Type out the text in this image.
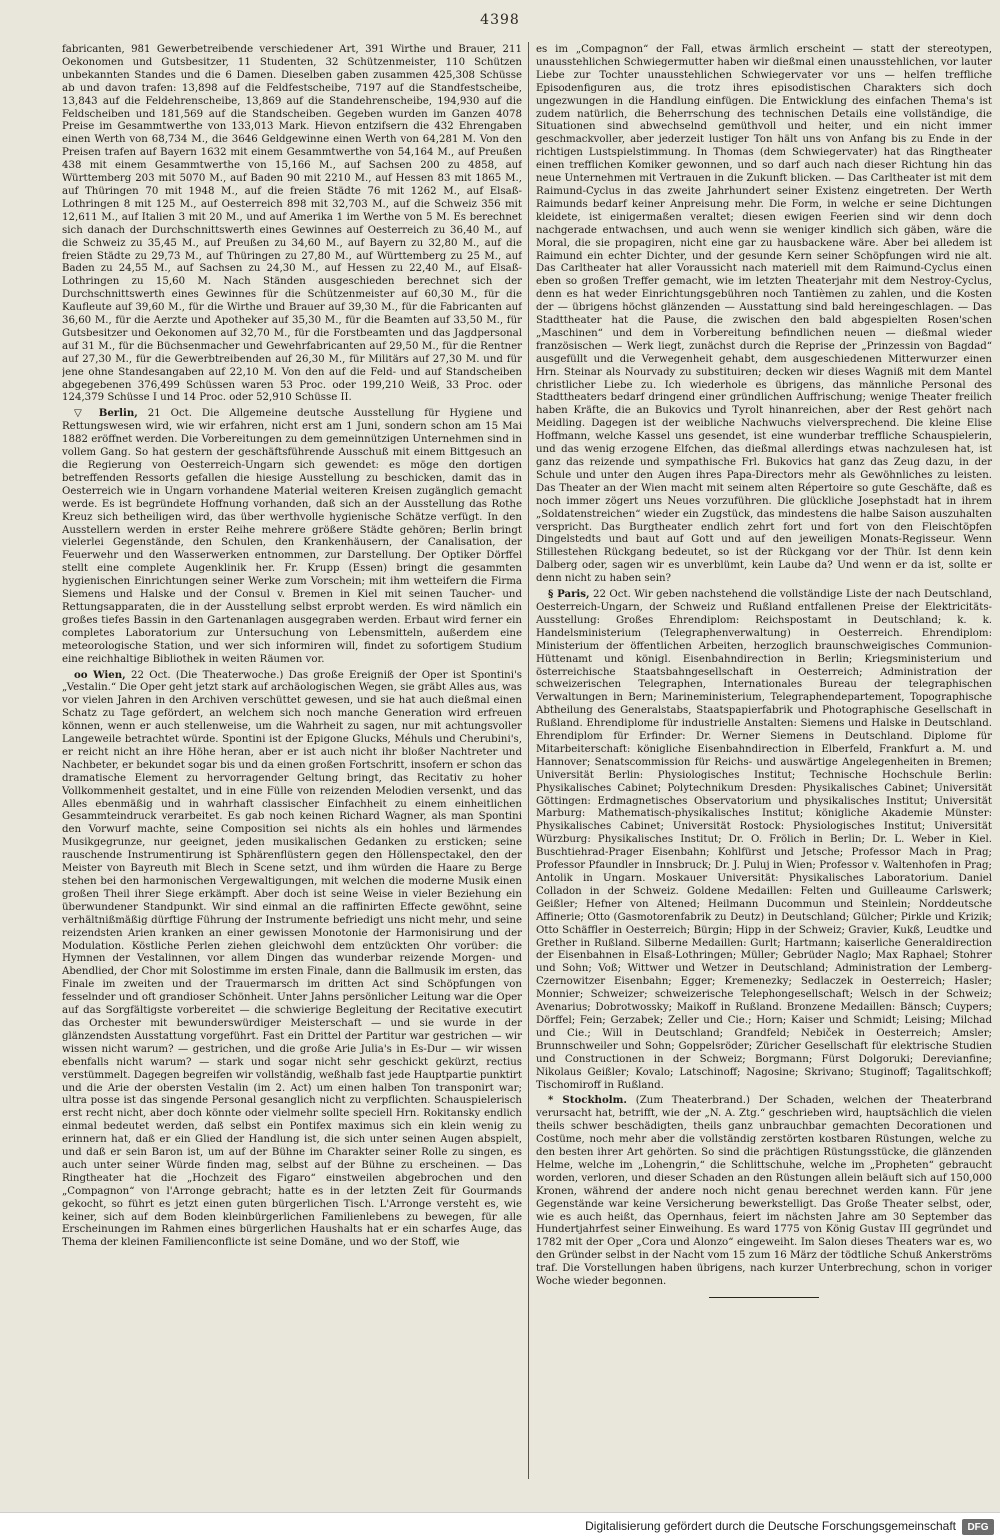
4398

fabricanten, 981 Gewerbetreibende verschiedener Art, 391 Wirthe und Brauer, 211 Oekonomen und Gutsbesitzer, 11 Studenten, 32 Schützenmeister, 110 Schützen unbekannten Standes und die 6 Damen. Dieselben gaben zusammen 425,308 Schüsse ab und davon trafen: 13,898 auf die Feldfestscheibe, 7197 auf die Standfestscheibe, 13,843 auf die Feldehrenscheibe, 13,869 auf die Standehrenscheibe, 194,930 auf die Feldscheiben und 181,569 auf die Standscheiben. Gegeben wurden im Ganzen 4078 Preise im Gesammtwerthe von 133,013 Mark. Hievon entzifsern die 432 Ehrengaben einen Werth von 68,734 M., die 3646 Geldgewinne einen Werth von 64,281 M. Von den Preisen trafen auf Bayern 1632 mit einem Gesammtwerthe von 54,164 M., auf Preußen 438 mit einem Gesammtwerthe von 15,166 M., auf Sachsen 200 zu 4858, auf Württemberg 203 mit 5070 M., auf Baden 90 mit 2210 M., auf Hessen 83 mit 1865 M., auf Thüringen 70 mit 1948 M., auf die freien Städte 76 mit 1262 M., auf Elsaß-Lothringen 8 mit 125 M., auf Oesterreich 898 mit 32,703 M., auf die Schweiz 356 mit 12,611 M., auf Italien 3 mit 20 M., und auf Amerika 1 im Werthe von 5 M. Es berechnet sich danach der Durchschnittswerth eines Gewinnes auf Oesterreich zu 36,40 M., auf die Schweiz zu 35,45 M., auf Preußen zu 34,60 M., auf Bayern zu 32,80 M., auf die freien Städte zu 29,73 M., auf Thüringen zu 27,80 M., auf Württemberg zu 25 M., auf Baden zu 24,55 M., auf Sachsen zu 24,30 M., auf Hessen zu 22,40 M., auf Elsaß-Lothringen zu 15,60 M. Nach Ständen ausgeschieden berechnet sich der Durchschnittswerth eines Gewinnes für die Schützenmeister auf 60,30 M., für die Kaufleute auf 39,60 M., für die Wirthe und Brauer auf 39,30 M., für die Fabricanten auf 36,60 M., für die Aerzte und Apotheker auf 35,30 M., für die Beamten auf 33,50 M., für Gutsbesitzer und Oekonomen auf 32,70 M., für die Forstbeamten und das Jagdpersonal auf 31 M., für die Büchsenmacher und Gewehrfabricanten auf 29,50 M., für die Rentner auf 27,30 M., für die Gewerbtreibenden auf 26,30 M., für Militärs auf 27,30 M. und für jene ohne Standesangaben auf 22,10 M. Von den auf die Feld- und auf Standscheiben abgegebenen 376,499 Schüssen waren 53 Proc. oder 199,210 Weiß, 33 Proc. oder 124,379 Schüsse I und 14 Proc. oder 52,910 Schüsse II.

▽ Berlin, 21 Oct. Die Allgemeine deutsche Ausstellung für Hygiene und Rettungswesen wird, wie wir erfahren, nicht erst am 1 Juni, sondern schon am 15 Mai 1882 eröffnet werden. Die Vorbereitungen zu dem gemeinnützigen Unternehmen sind in vollem Gang. So hat gestern der geschäftsführende Ausschuß mit einem Bittgesuch an die Regierung von Oesterreich-Ungarn sich gewendet: es möge den dortigen betreffenden Ressorts gefallen die hiesige Ausstellung zu beschicken, damit das in Oesterreich wie in Ungarn vorhandene Material weiteren Kreisen zugänglich gemacht werde. Es ist begründete Hoffnung vorhanden, daß sich an der Ausstellung das Rothe Kreuz sich betheiligen wird, das über werthvolle hygienische Schätze verfügt. In den Ausstellern werden in erster Reihe mehrere größere Städte gehören; Berlin bringt vielerlei Gegenstände, den Schulen, den Krankenhäusern, der Canalisation, der Feuerwehr und den Wasserwerken entnommen, zur Darstellung. Der Optiker Dörffel stellt eine complete Augenklinik her. Fr. Krupp (Essen) bringt die gesammten hygienischen Einrichtungen seiner Werke zum Vorschein; mit ihm wetteifern die Firma Siemens und Halske und der Consul v. Bremen in Kiel mit seinen Taucher- und Rettungsapparaten, die in der Ausstellung selbst erprobt werden. Es wird nämlich ein großes tiefes Bassin in den Gartenanlagen ausgegraben werden. Erbaut wird ferner ein completes Laboratorium zur Untersuchung von Lebensmitteln, außerdem eine meteorologische Station, und wer sich informiren will, findet zu sofortigem Studium eine reichhaltige Bibliothek in weiten Räumen vor.

oo Wien, 22 Oct. (Die Theaterwoche.) Das große Ereigniß der Oper ist Spontini's „Vestalin.“ Die Oper geht jetzt stark auf archäologischen Wegen, sie gräbt Alles aus, was vor vielen Jahren in den Archiven verschüttet gewesen, und sie hat auch dießmal einen Schatz zu Tage gefördert, an welchem sich noch manche Generation wird erfreuen können, wenn er auch stellenweise, um die Wahrheit zu sagen, nur mit achtungsvoller Langeweile betrachtet würde. Spontini ist der Epigone Glucks, Méhuls und Cherubini's, er reicht nicht an ihre Höhe heran, aber er ist auch nicht ihr bloßer Nachtreter und Nachbeter, er bekundet sogar bis und da einen großen Fortschritt, insofern er schon das dramatische Element zu hervorragender Geltung bringt, das Recitativ zu hoher Vollkommenheit gestaltet, und in eine Fülle von reizenden Melodien versenkt, und das Alles ebenmäßig und in wahrhaft classischer Einfachheit zu einem einheitlichen Gesammteindruck verarbeitet. Es gab noch keinen Richard Wagner, als man Spontini den Vorwurf machte, seine Composition sei nichts als ein hohles und lärmendes Musikgegrunze, nur geeignet, jeden musikalischen Gedanken zu ersticken; seine rauschende Instrumentirung ist Sphärenflüstern gegen den Höllenspectakel, den der Meister von Bayreuth mit Blech in Scene setzt, und ihm würden die Haare zu Berge stehen bei den harmonischen Vergewaltigungen, mit welchen die moderne Musik einen großen Theil ihrer Siege erkämpft. Aber doch ist seine Weise in vieler Beziehung ein überwundener Standpunkt. Wir sind einmal an die raffinirten Effecte gewöhnt, seine verhältnißmäßig dürftige Führung der Instrumente befriedigt uns nicht mehr, und seine reizendsten Arien kranken an einer gewissen Monotonie der Harmonisirung und der Modulation. Köstliche Perlen ziehen gleichwohl dem entzückten Ohr vorüber: die Hymnen der Vestalinnen, vor allem Dingen das wunderbar reizende Morgen- und Abendlied, der Chor mit Solostimme im ersten Finale, dann die Ballmusik im ersten, das Finale im zweiten und der Trauermarsch im dritten Act sind Schöpfungen von fesselnder und oft grandioser Schönheit. Unter Jahns persönlicher Leitung war die Oper auf das Sorgfältigste vorbereitet — die schwierige Begleitung der Recitative executirt das Orchester mit bewunderswürdiger Meisterschaft — und sie wurde in der glänzendsten Ausstattung vorgeführt. Fast ein Drittel der Partitur war gestrichen — wir wissen nicht warum? — gestrichen, und die große Arie Julia's in Es-Dur — wir wissen ebenfalls nicht warum? — stark und sogar nicht sehr geschickt gekürzt, rectius verstümmelt. Dagegen begreifen wir vollständig, weßhalb fast jede Hauptpartie punktirt und die Arie der obersten Vestalin (im 2. Act) um einen halben Ton transponirt war; ultra posse ist das singende Personal gesanglich nicht zu verpflichten. Schauspielerisch erst recht nicht, aber doch könnte oder vielmehr sollte speciell Hrn. Rokitansky endlich einmal bedeutet werden, daß selbst ein Pontifex maximus sich ein klein wenig zu erinnern hat, daß er ein Glied der Handlung ist, die sich unter seinen Augen abspielt, und daß er sein Baron ist, um auf der Bühne im Charakter seiner Rolle zu singen, es auch unter seiner Würde finden mag, selbst auf der Bühne zu erscheinen. — Das Ringtheater hat die „Hochzeit des Figaro“ einstweilen abgebrochen und den „Compagnon“ von l'Arronge gebracht; hatte es in der letzten Zeit für Gourmands gekocht, so führt es jetzt einen guten bürgerlichen Tisch. L'Arronge versteht es, wie keiner, sich auf dem Boden kleinbürgerlichen Familienlebens zu bewegen, für alle Erscheinungen im Rahmen eines bürgerlichen Haushalts hat er ein scharfes Auge, das Thema der kleinen Familienconflicte ist seine Domäne, und wo der Stoff, wie

es im „Compagnon“ der Fall, etwas ärmlich erscheint — statt der stereotypen, unausstehlichen Schwiegermutter haben wir dießmal einen unausstehlichen, vor lauter Liebe zur Tochter unausstehlichen Schwiegervater vor uns — helfen treffliche Episodenfiguren aus, die trotz ihres episodistischen Charakters sich doch ungezwungen in die Handlung einfügen. Die Entwicklung des einfachen Thema's ist zudem natürlich, die Beherrschung des technischen Details eine vollständige, die Situationen sind abwechselnd gemüthvoll und heiter, und ein nicht immer geschmackvoller, aber jederzeit lustiger Ton hält uns von Anfang bis zu Ende in der richtigen Lustspielstimmung. In Thomas (dem Schwiegervater) hat das Ringtheater einen trefflichen Komiker gewonnen, und so darf auch nach dieser Richtung hin das neue Unternehmen mit Vertrauen in die Zukunft blicken. — Das Carltheater ist mit dem Raimund-Cyclus in das zweite Jahrhundert seiner Existenz eingetreten. Der Werth Raimunds bedarf keiner Anpreisung mehr. Die Form, in welche er seine Dichtungen kleidete, ist einigermaßen veraltet; diesen ewigen Feerien sind wir denn doch nachgerade entwachsen, und auch wenn sie weniger kindlich sich gäben, wäre die Moral, die sie propagiren, nicht eine gar zu hausbackene wäre. Aber bei alledem ist Raimund ein echter Dichter, und der gesunde Kern seiner Schöpfungen wird nie alt. Das Carltheater hat aller Voraussicht nach materiell mit dem Raimund-Cyclus einen eben so großen Treffer gemacht, wie im letzten Theaterjahr mit dem Nestroy-Cyclus, denn es hat weder Einrichtungsgebühren noch Tantièmen zu zahlen, und die Kosten der — übrigens höchst glänzenden — Ausstattung sind bald hereingeschlagen. — Das Stadttheater hat die Pause, die zwischen den bald abgespielten Rosen'schen „Maschinen“ und dem in Vorbereitung befindlichen neuen — dießmal wieder französischen — Werk liegt, zunächst durch die Reprise der „Prinzessin von Bagdad“ ausgefüllt und die Verwegenheit gehabt, dem ausgeschiedenen Mitterwurzer einen Hrn. Steinar als Nourvady zu substituiren; decken wir dieses Wagniß mit dem Mantel christlicher Liebe zu. Ich wiederhole es übrigens, das männliche Personal des Stadttheaters bedarf dringend einer gründlichen Auffrischung; wenige Theater freilich haben Kräfte, die an Bukovics und Tyrolt hinanreichen, aber der Rest gehört nach Meidling. Dagegen ist der weibliche Nachwuchs vielversprechend. Die kleine Elise Hoffmann, welche Kassel uns gesendet, ist eine wunderbar treffliche Schauspielerin, und das wenig erzogene Elfchen, das dießmal allerdings etwas nachzulesen hat, ist ganz das reizende und sympathische Frl. Bukovics hat ganz das Zeug dazu, in der Schule und unter den Augen ihres Papa-Directors mehr als Gewöhnliches zu leisten. Das Theater an der Wien macht mit seinem alten Répertoire so gute Geschäfte, daß es noch immer zögert uns Neues vorzuführen. Die glückliche Josephstadt hat in ihrem „Soldatenstreichen“ wieder ein Zugstück, das mindestens die halbe Saison auszuhalten verspricht. Das Burgtheater endlich zehrt fort und fort von den Fleischtöpfen Dingelstedts und baut auf Gott und auf den jeweiligen Monats-Regisseur. Wenn Stillestehen Rückgang bedeutet, so ist der Rückgang vor der Thür. Ist denn kein Dalberg oder, sagen wir es unverblümt, kein Laube da? Und wenn er da ist, sollte er denn nicht zu haben sein?

§ Paris, 22 Oct. Wir geben nachstehend die vollständige Liste der nach Deutschland, Oesterreich-Ungarn, der Schweiz und Rußland entfallenen Preise der Elektricitäts-Ausstellung: Großes Ehrendiplom: Reichspostamt in Deutschland; k. k. Handelsministerium (Telegraphenverwaltung) in Oesterreich. Ehrendiplom: Ministerium der öffentlichen Arbeiten, herzoglich braunschweigisches Communion-Hüttenamt und königl. Eisenbahndirection in Berlin; Kriegsministerium und österreichische Staatsbahngesellschaft in Oesterreich; Administration der schweizerischen Telegraphen, Internationales Bureau der telegraphischen Verwaltungen in Bern; Marineministerium, Telegraphendepartement, Topographische Abtheilung des Generalstabs, Staatspapierfabrik und Photographische Gesellschaft in Rußland. Ehrendiplome für industrielle Anstalten: Siemens und Halske in Deutschland. Ehrendiplom für Erfinder: Dr. Werner Siemens in Deutschland. Diplome für Mitarbeiterschaft: königliche Eisenbahndirection in Elberfeld, Frankfurt a. M. und Hannover; Senatscommission für Reichs- und auswärtige Angelegenheiten in Bremen; Universität Berlin: Physiologisches Institut; Technische Hochschule Berlin: Physikalisches Cabinet; Polytechnikum Dresden: Physikalisches Cabinet; Universität Göttingen: Erdmagnetisches Observatorium und physikalisches Institut; Universität Marburg: Mathematisch-physikalisches Institut; königliche Akademie Münster: Physikalisches Cabinet; Universität Rostock: Physiologisches Institut; Universität Würzburg: Physikalisches Institut; Dr. O. Frölich in Berlin; Dr. L. Weber in Kiel. Buschtiehrad-Prager Eisenbahn; Kohlfürst und Jetsche; Professor Mach in Prag; Professor Pfaundler in Innsbruck; Dr. J. Puluj in Wien; Professor v. Waltenhofen in Prag; Antolik in Ungarn. Moskauer Universität: Physikalisches Laboratorium. Daniel Colladon in der Schweiz. Goldene Medaillen: Felten und Guilleaume Carlswerk; Geißler; Hefner von Altened; Heilmann Ducommun und Steinlein; Norddeutsche Affinerie; Otto (Gasmotorenfabrik zu Deutz) in Deutschland; Gülcher; Pirkle und Krizik; Otto Schäffler in Oesterreich; Bürgin; Hipp in der Schweiz; Gravier, Kukß, Leudtke und Grether in Rußland. Silberne Medaillen: Gurlt; Hartmann; kaiserliche Generaldirection der Eisenbahnen in Elsaß-Lothringen; Müller; Gebrüder Naglo; Max Raphael; Stohrer und Sohn; Voß; Wittwer und Wetzer in Deutschland; Administration der Lemberg-Czernowitzer Eisenbahn; Egger; Kremenezky; Sedlaczek in Oesterreich; Hasler; Monnier; Schweizer; schweizerische Telephongesellschaft; Welsch in der Schweiz; Avenarius; Dobrotwossky; Maikoff in Rußland. Bronzene Medaillen: Bänsch; Cuypers; Dörffel; Fein; Gerzabek; Zeller und Cie.; Horn; Kaiser und Schmidt; Leising; Milchad und Cie.; Will in Deutschland; Grandfeld; Nebiček in Oesterreich; Amsler; Brunnschweiler und Sohn; Goppelsröder; Züricher Gesellschaft für elektrische Studien und Constructionen in der Schweiz; Borgmann; Fürst Dolgoruki; Derevianfine; Nikolaus Geißler; Kovalo; Latschinoff; Nagosine; Skrivano; Stuginoff; Tagalitschkoff; Tischomiroff in Rußland.

* Stockholm. (Zum Theaterbrand.) Der Schaden, welchen der Theaterbrand verursacht hat, betrifft, wie der „N. A. Ztg.“ geschrieben wird, hauptsächlich die vielen theils schwer beschädigten, theils ganz unbrauchbar gemachten Decorationen und Costüme, noch mehr aber die vollständig zerstörten kostbaren Rüstungen, welche zu den besten ihrer Art gehörten. So sind die prächtigen Rüstungsstücke, die glänzenden Helme, welche im „Lohengrin,“ die Schlittschuhe, welche im „Propheten“ gebraucht worden, verloren, und dieser Schaden an den Rüstungen allein beläuft sich auf 150,000 Kronen, während der andere noch nicht genau berechnet werden kann. Für jene Gegenstände war keine Versicherung bewerkstelligt. Das Große Theater selbst, oder, wie es auch heißt, das Opernhaus, feiert im nächsten Jahre am 30 September das Hundertjahrfest seiner Einweihung. Es ward 1775 von König Gustav III gegründet und 1782 mit der Oper „Cora und Alonzo“ eingeweiht. Im Salon dieses Theaters war es, wo den Gründer selbst in der Nacht vom 15 zum 16 März der tödtliche Schuß Ankerströms traf. Die Vorstellungen haben übrigens, nach kurzer Unterbrechung, schon in voriger Woche wieder begonnen.

Digitalisierung gefördert durch die Deutsche Forschungsgemeinschaft	DFG
